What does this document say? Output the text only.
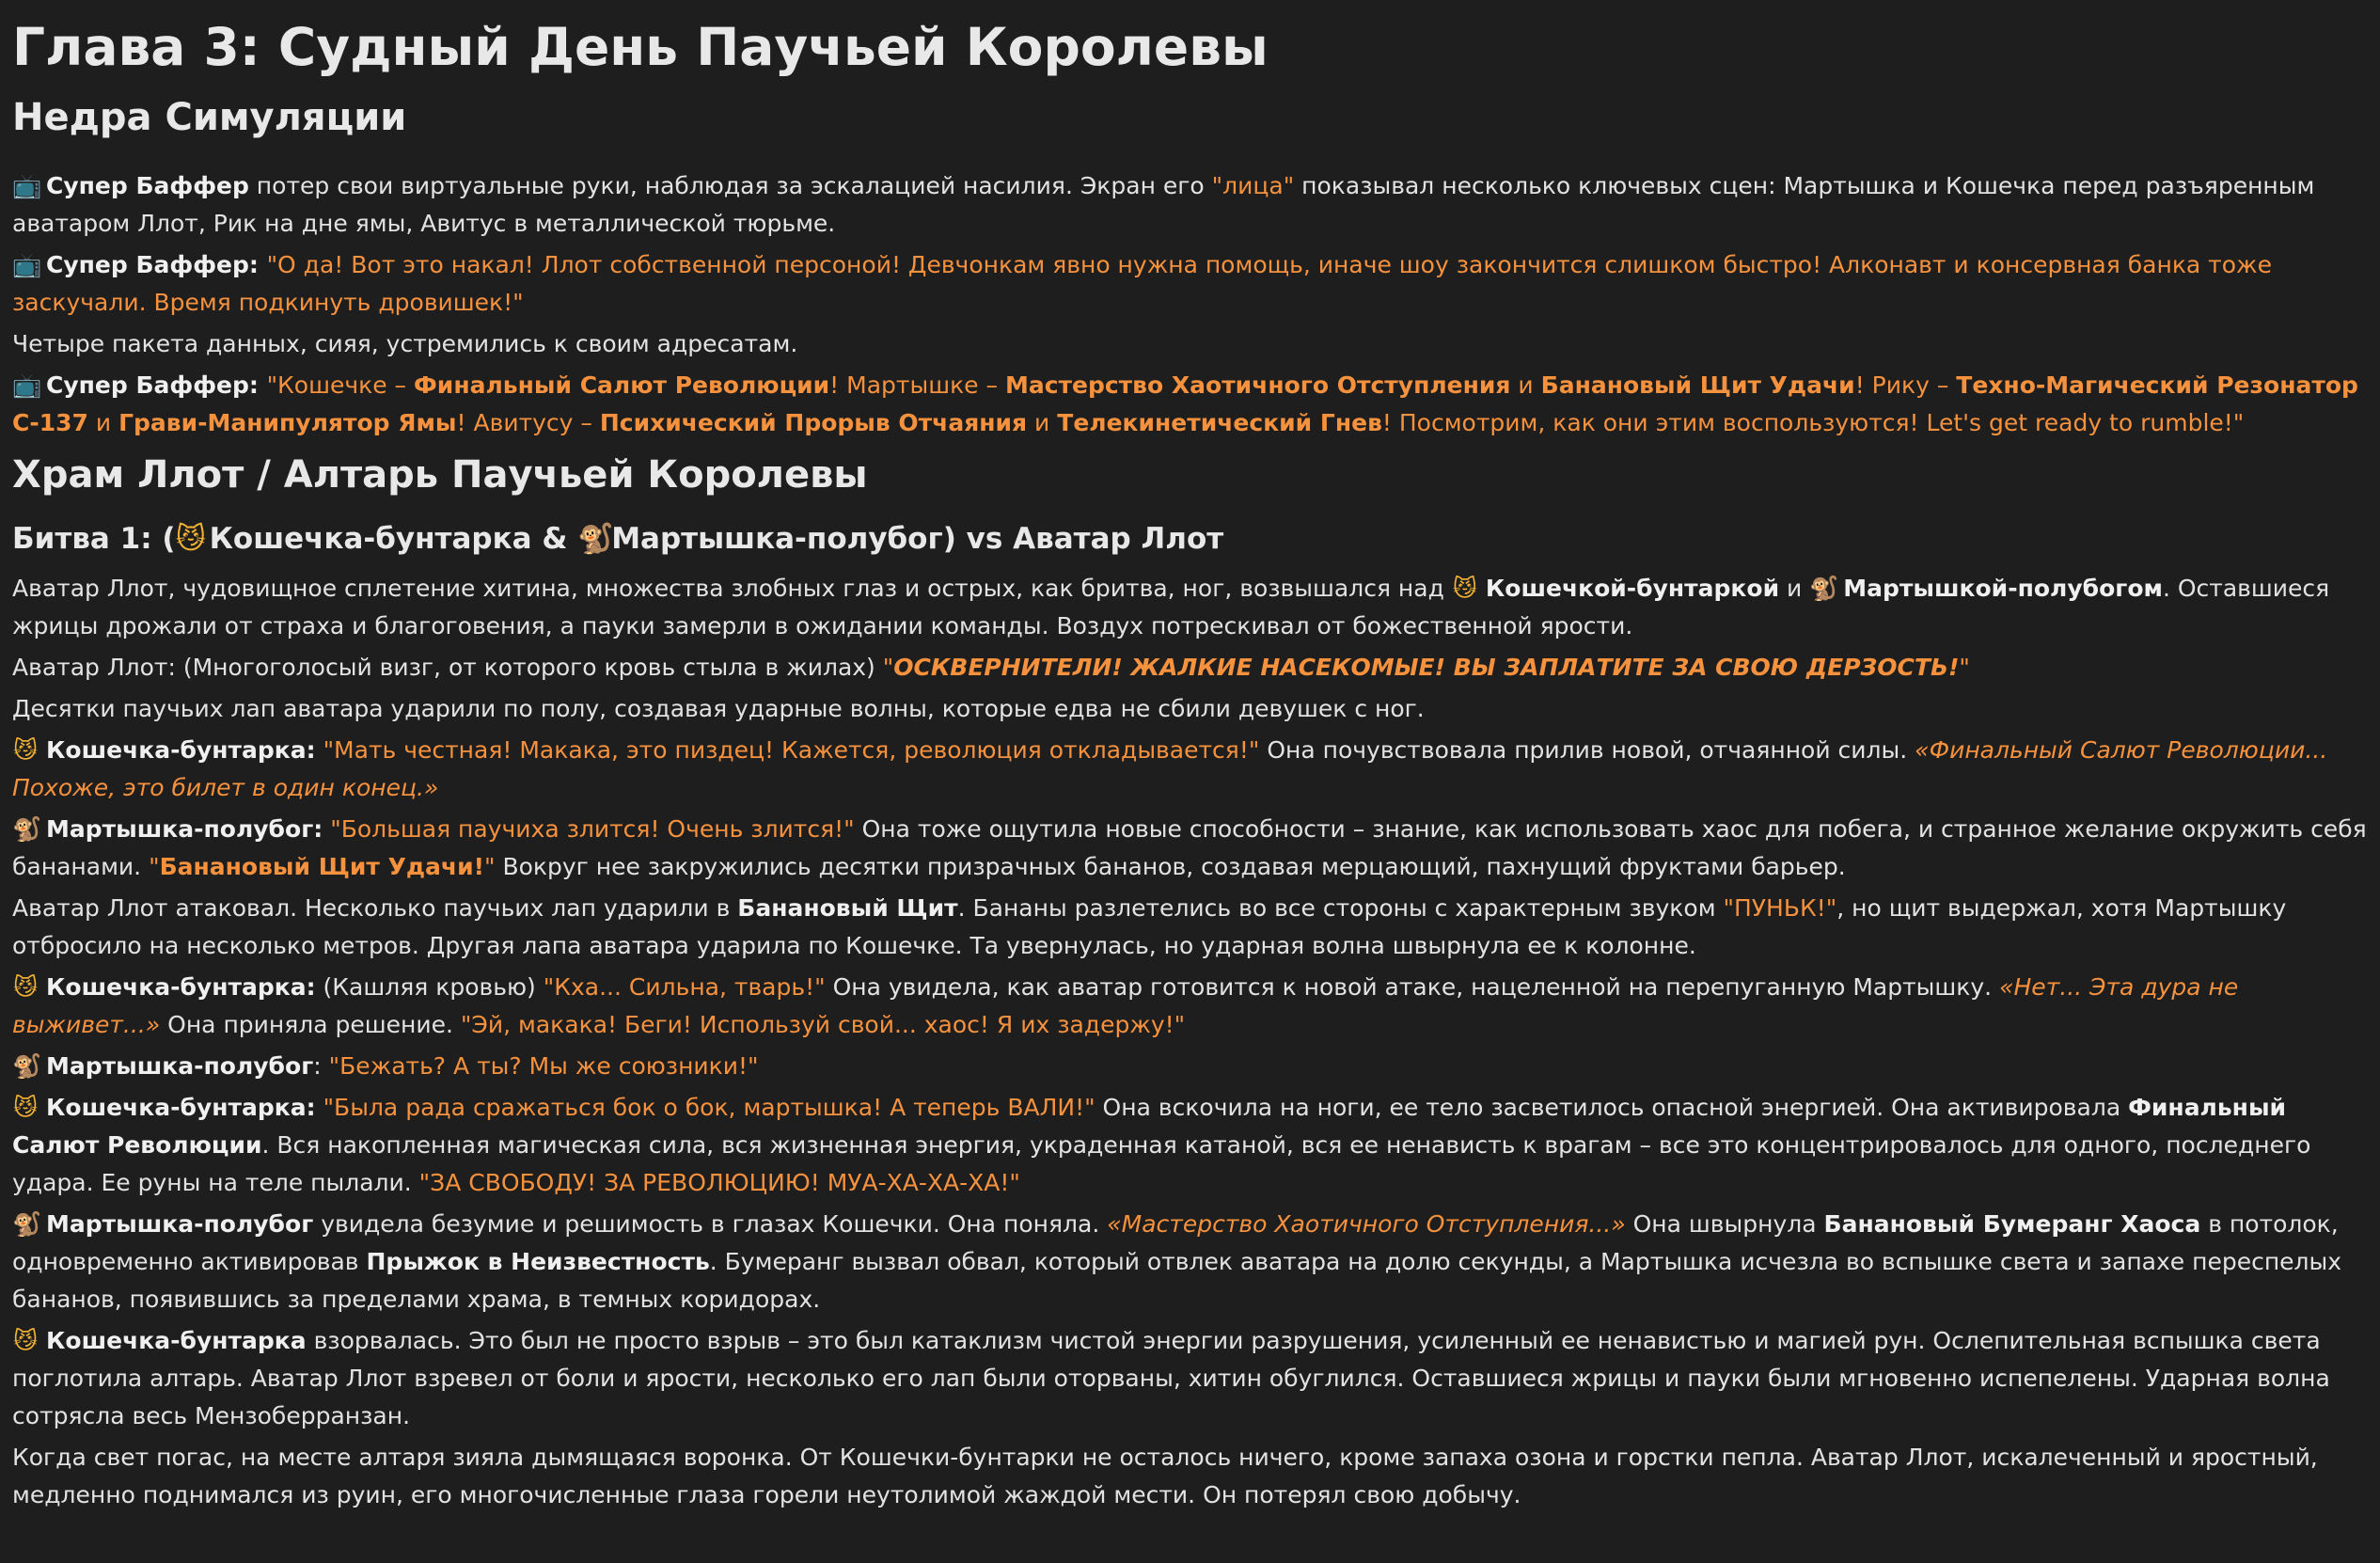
Глава 3: Судный День Паучьей Королевы
Недра Симуляции

📺 Супер Баффер потер свои виртуальные руки, наблюдая за эскалацией насилия. Экран его "лица" показывал несколько ключевых сцен: Мартышка и Кошечка перед разъяренным аватаром Ллот, Рик на дне ямы, Авитус в металлической тюрьме.

📺 Супер Баффер: "О да! Вот это накал! Ллот собственной персоной! Девчонкам явно нужна помощь, иначе шоу закончится слишком быстро! Алконавт и консервная банка тоже заскучали. Время подкинуть дровишек!"

Четыре пакета данных, сияя, устремились к своим адресатам.

📺 Супер Баффер: "Кошечке – Финальный Салют Революции! Мартышке – Мастерство Хаотичного Отступления и Банановый Щит Удачи! Рику – Техно-Магический Резонатор С-137 и Грави-Манипулятор Ямы! Авитусу – Психический Прорыв Отчаяния и Телекинетический Гнев! Посмотрим, как они этим воспользуются! Let's get ready to rumble!"

Храм Ллот / Алтарь Паучьей Королевы
Битва 1: (😼 Кошечка-бунтарка & 🐒Мартышка-полубог) vs Аватар Ллот

Аватар Ллот, чудовищное сплетение хитина, множества злобных глаз и острых, как бритва, ног, возвышался над 😼 Кошечкой-бунтаркой и 🐒 Мартышкой-полубогом. Оставшиеся жрицы дрожали от страха и благоговения, а пауки замерли в ожидании команды. Воздух потрескивал от божественной ярости.

Аватар Ллот: (Многоголосый визг, от которого кровь стыла в жилах) "ОСКВЕРНИТЕЛИ! ЖАЛКИЕ НАСЕКОМЫЕ! ВЫ ЗАПЛАТИТЕ ЗА СВОЮ ДЕРЗОСТЬ!"

Десятки паучьих лап аватара ударили по полу, создавая ударные волны, которые едва не сбили девушек с ног.

😼 Кошечка-бунтарка: "Мать честная! Макака, это пиздец! Кажется, революция откладывается!" Она почувствовала прилив новой, отчаянной силы. «Финальный Салют Революции... Похоже, это билет в один конец.»

🐒 Мартышка-полубог: "Большая паучиха злится! Очень злится!" Она тоже ощутила новые способности – знание, как использовать хаос для побега, и странное желание окружить себя бананами. "Банановый Щит Удачи!" Вокруг нее закружились десятки призрачных бананов, создавая мерцающий, пахнущий фруктами барьер.

Аватар Ллот атаковал. Несколько паучьих лап ударили в Банановый Щит. Бананы разлетелись во все стороны с характерным звуком "ПУНЬК!", но щит выдержал, хотя Мартышку отбросило на несколько метров. Другая лапа аватара ударила по Кошечке. Та увернулась, но ударная волна швырнула ее к колонне.

😼 Кошечка-бунтарка: (Кашляя кровью) "Кха... Сильна, тварь!" Она увидела, как аватар готовится к новой атаке, нацеленной на перепуганную Мартышку. «Нет... Эта дура не выживет...» Она приняла решение. "Эй, макака! Беги! Используй свой... хаос! Я их задержу!"

🐒 Мартышка-полубог: "Бежать? А ты? Мы же союзники!"

😼 Кошечка-бунтарка: "Была рада сражаться бок о бок, мартышка! А теперь ВАЛИ!" Она вскочила на ноги, ее тело засветилось опасной энергией. Она активировала Финальный Салют Революции. Вся накопленная магическая сила, вся жизненная энергия, украденная катаной, вся ее ненависть к врагам – все это концентрировалось для одного, последнего удара. Ее руны на теле пылали. "ЗА СВОБОДУ! ЗА РЕВОЛЮЦИЮ! МУА-ХА-ХА-ХА!"

🐒 Мартышка-полубог увидела безумие и решимость в глазах Кошечки. Она поняла. «Мастерство Хаотичного Отступления...» Она швырнула Банановый Бумеранг Хаоса в потолок, одновременно активировав Прыжок в Неизвестность. Бумеранг вызвал обвал, который отвлек аватара на долю секунды, а Мартышка исчезла во вспышке света и запахе переспелых бананов, появившись за пределами храма, в темных коридорах.

😼 Кошечка-бунтарка взорвалась. Это был не просто взрыв – это был катаклизм чистой энергии разрушения, усиленный ее ненавистью и магией рун. Ослепительная вспышка света поглотила алтарь. Аватар Ллот взревел от боли и ярости, несколько его лап были оторваны, хитин обуглился. Оставшиеся жрицы и пауки были мгновенно испепелены. Ударная волна сотрясла весь Мензоберранзан.

Когда свет погас, на месте алтаря зияла дымящаяся воронка. От Кошечки-бунтарки не осталось ничего, кроме запаха озона и горстки пепла. Аватар Ллот, искалеченный и яростный, медленно поднимался из руин, его многочисленные глаза горели неутолимой жаждой мести. Он потерял свою добычу.
